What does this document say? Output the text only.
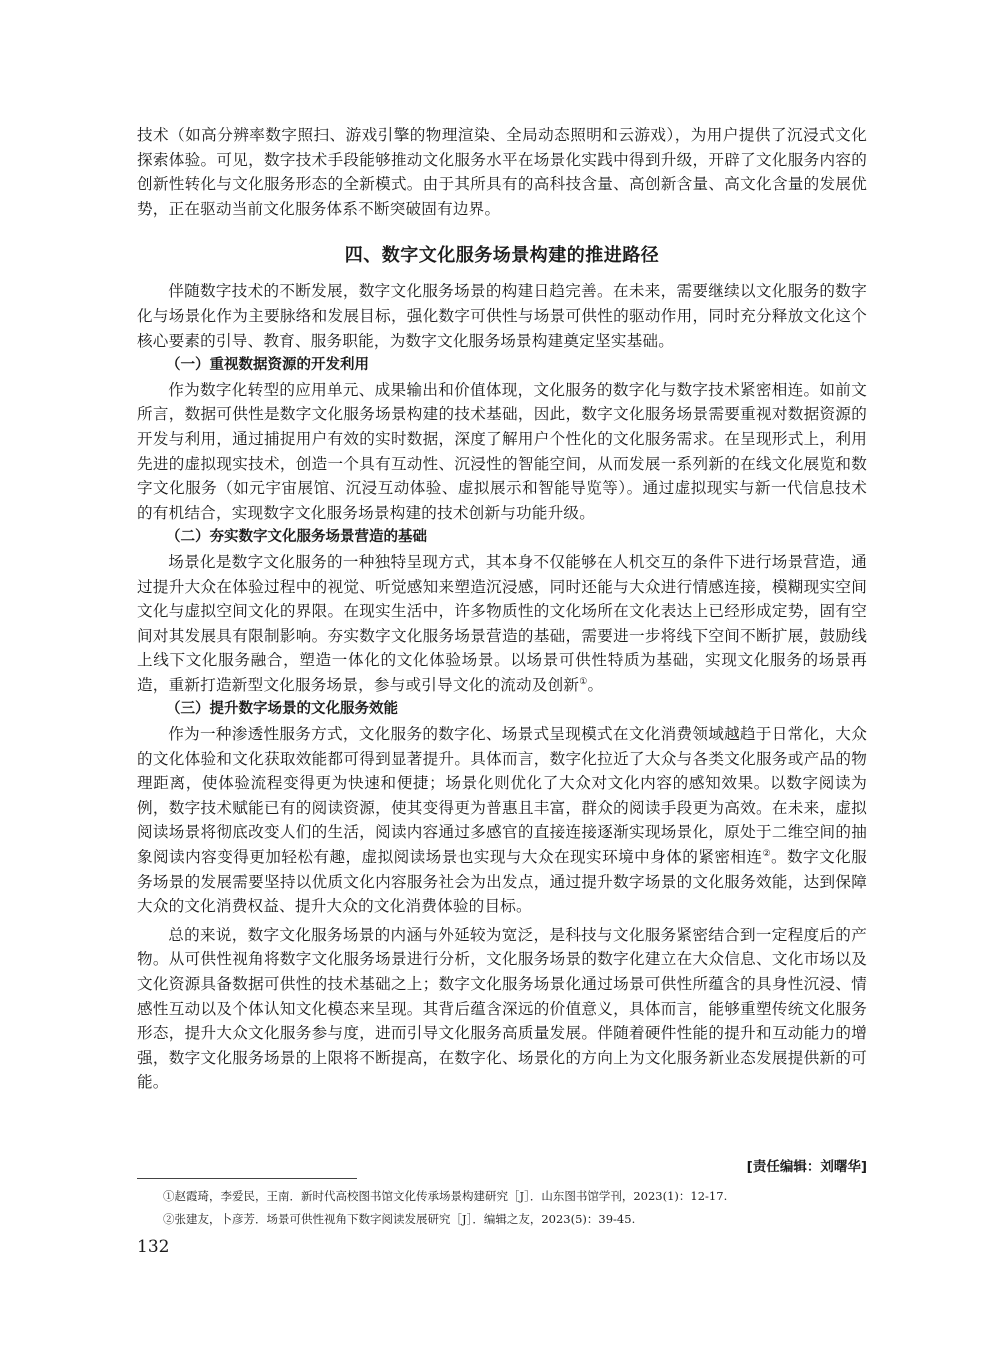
技术（如高分辨率数字照扫、游戏引擎的物理渲染、全局动态照明和云游戏），为用户提供了沉浸式文化探索体验。可见，数字技术手段能够推动文化服务水平在场景化实践中得到升级，开辟了文化服务内容的创新性转化与文化服务形态的全新模式。由于其所具有的高科技含量、高创新含量、高文化含量的发展优势，正在驱动当前文化服务体系不断突破固有边界。

四、数字文化服务场景构建的推进路径

伴随数字技术的不断发展，数字文化服务场景的构建日趋完善。在未来，需要继续以文化服务的数字化与场景化作为主要脉络和发展目标，强化数字可供性与场景可供性的驱动作用，同时充分释放文化这个核心要素的引导、教育、服务职能，为数字文化服务场景构建奠定坚实基础。

（一）重视数据资源的开发利用

作为数字化转型的应用单元、成果输出和价值体现，文化服务的数字化与数字技术紧密相连。如前文所言，数据可供性是数字文化服务场景构建的技术基础，因此，数字文化服务场景需要重视对数据资源的开发与利用，通过捕捉用户有效的实时数据，深度了解用户个性化的文化服务需求。在呈现形式上，利用先进的虚拟现实技术，创造一个具有互动性、沉浸性的智能空间，从而发展一系列新的在线文化展览和数字文化服务（如元宇宙展馆、沉浸互动体验、虚拟展示和智能导览等）。通过虚拟现实与新一代信息技术的有机结合，实现数字文化服务场景构建的技术创新与功能升级。

（二）夯实数字文化服务场景营造的基础

场景化是数字文化服务的一种独特呈现方式，其本身不仅能够在人机交互的条件下进行场景营造，通过提升大众在体验过程中的视觉、听觉感知来塑造沉浸感，同时还能与大众进行情感连接，模糊现实空间文化与虚拟空间文化的界限。在现实生活中，许多物质性的文化场所在文化表达上已经形成定势，固有空间对其发展具有限制影响。夯实数字文化服务场景营造的基础，需要进一步将线下空间不断扩展，鼓励线上线下文化服务融合，塑造一体化的文化体验场景。以场景可供性特质为基础，实现文化服务的场景再造，重新打造新型文化服务场景，参与或引导文化的流动及创新①。

（三）提升数字场景的文化服务效能

作为一种渗透性服务方式，文化服务的数字化、场景式呈现模式在文化消费领域越趋于日常化，大众的文化体验和文化获取效能都可得到显著提升。具体而言，数字化拉近了大众与各类文化服务或产品的物理距离，使体验流程变得更为快速和便捷；场景化则优化了大众对文化内容的感知效果。以数字阅读为例，数字技术赋能已有的阅读资源，使其变得更为普惠且丰富，群众的阅读手段更为高效。在未来，虚拟阅读场景将彻底改变人们的生活，阅读内容通过多感官的直接连接逐渐实现场景化，原处于二维空间的抽象阅读内容变得更加轻松有趣，虚拟阅读场景也实现与大众在现实环境中身体的紧密相连②。数字文化服务场景的发展需要坚持以优质文化内容服务社会为出发点，通过提升数字场景的文化服务效能，达到保障大众的文化消费权益、提升大众的文化消费体验的目标。

总的来说，数字文化服务场景的内涵与外延较为宽泛，是科技与文化服务紧密结合到一定程度后的产物。从可供性视角将数字文化服务场景进行分析，文化服务场景的数字化建立在大众信息、文化市场以及文化资源具备数据可供性的技术基础之上；数字文化服务场景化通过场景可供性所蕴含的具身性沉浸、情感性互动以及个体认知文化模态来呈现。其背后蕴含深远的价值意义，具体而言，能够重塑传统文化服务形态，提升大众文化服务参与度，进而引导文化服务高质量发展。伴随着硬件性能的提升和互动能力的增强，数字文化服务场景的上限将不断提高，在数字化、场景化的方向上为文化服务新业态发展提供新的可能。

[责任编辑：刘曙华]
①赵霞琦，李爱民，王南．新时代高校图书馆文化传承场景构建研究［J］．山东图书馆学刊，2023(1)：12-17.
②张建友，卜彦芳．场景可供性视角下数字阅读发展研究［J］．编辑之友，2023(5)：39-45.
132
